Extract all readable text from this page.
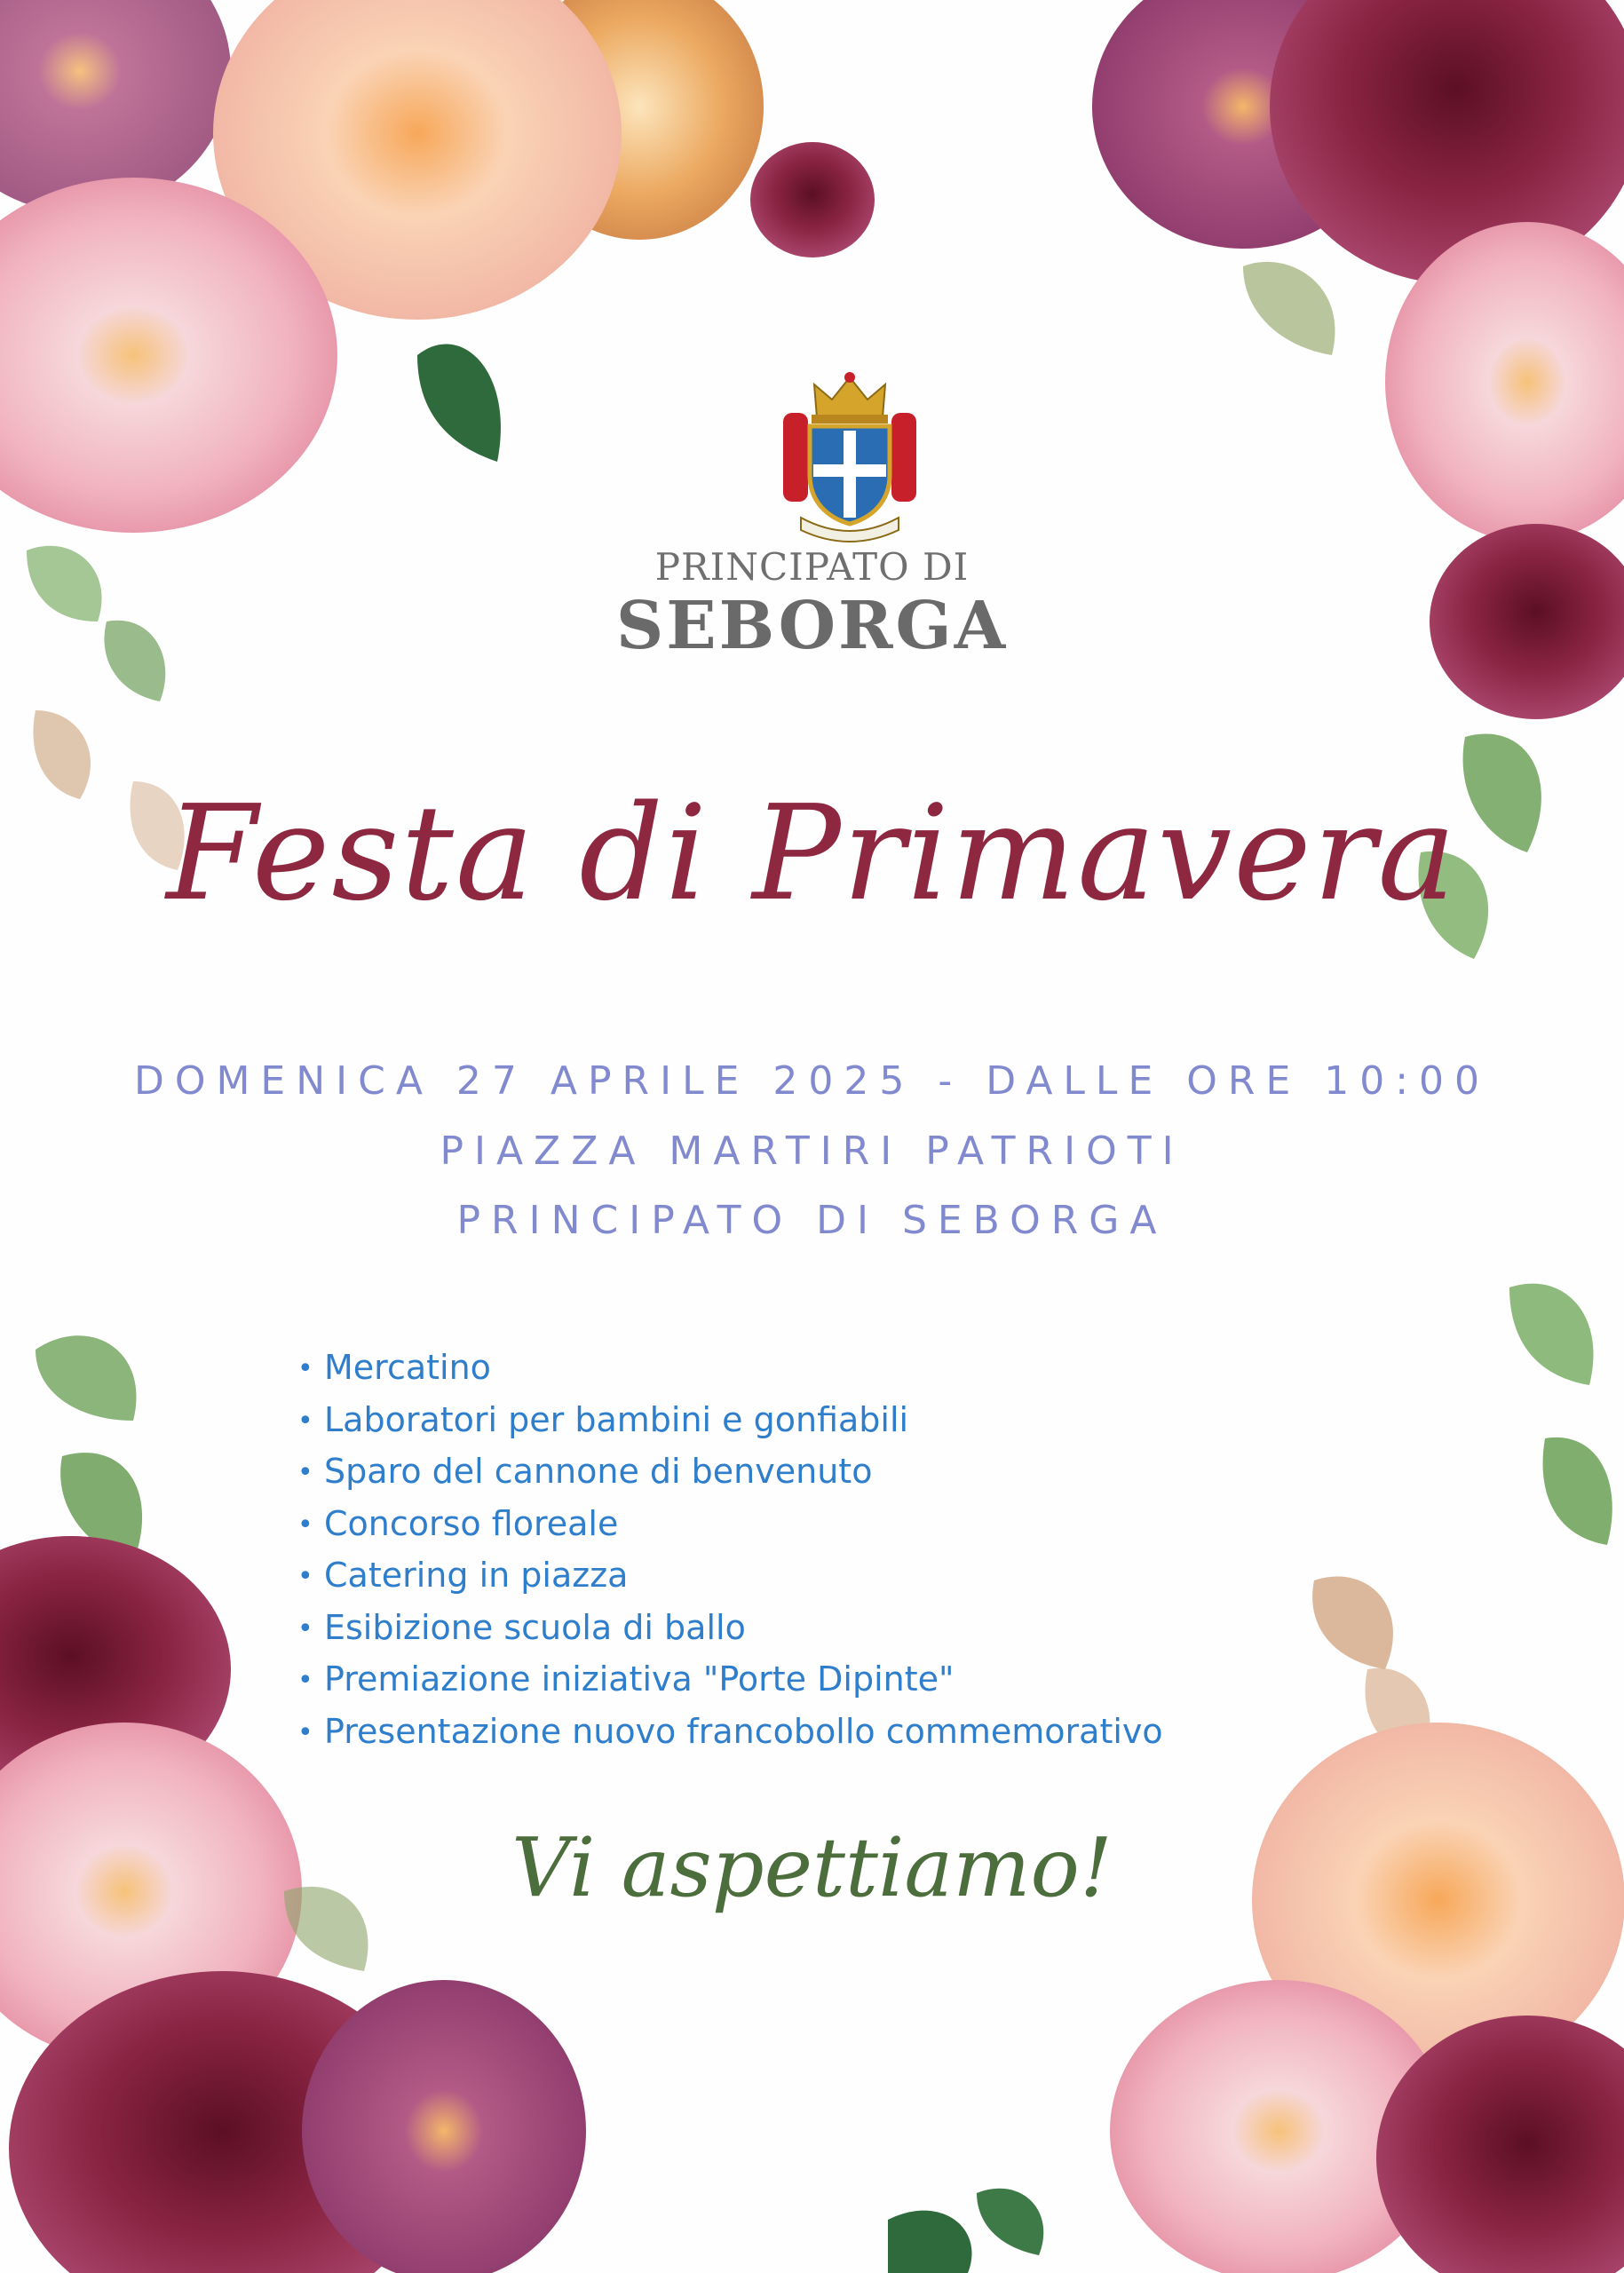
PRINCIPATO DI
SEBORGA
Festa di Primavera
DOMENICA 27 APRILE 2025 - DALLE ORE 10:00
PIAZZA MARTIRI PATRIOTI
PRINCIPATO DI SEBORGA
• Mercatino
• Laboratori per bambini e gonfiabili
• Sparo del cannone di benvenuto
• Concorso floreale
• Catering in piazza
• Esibizione scuola di ballo
• Premiazione iniziativa "Porte Dipinte"
• Presentazione nuovo francobollo commemorativo
Vi aspettiamo!
